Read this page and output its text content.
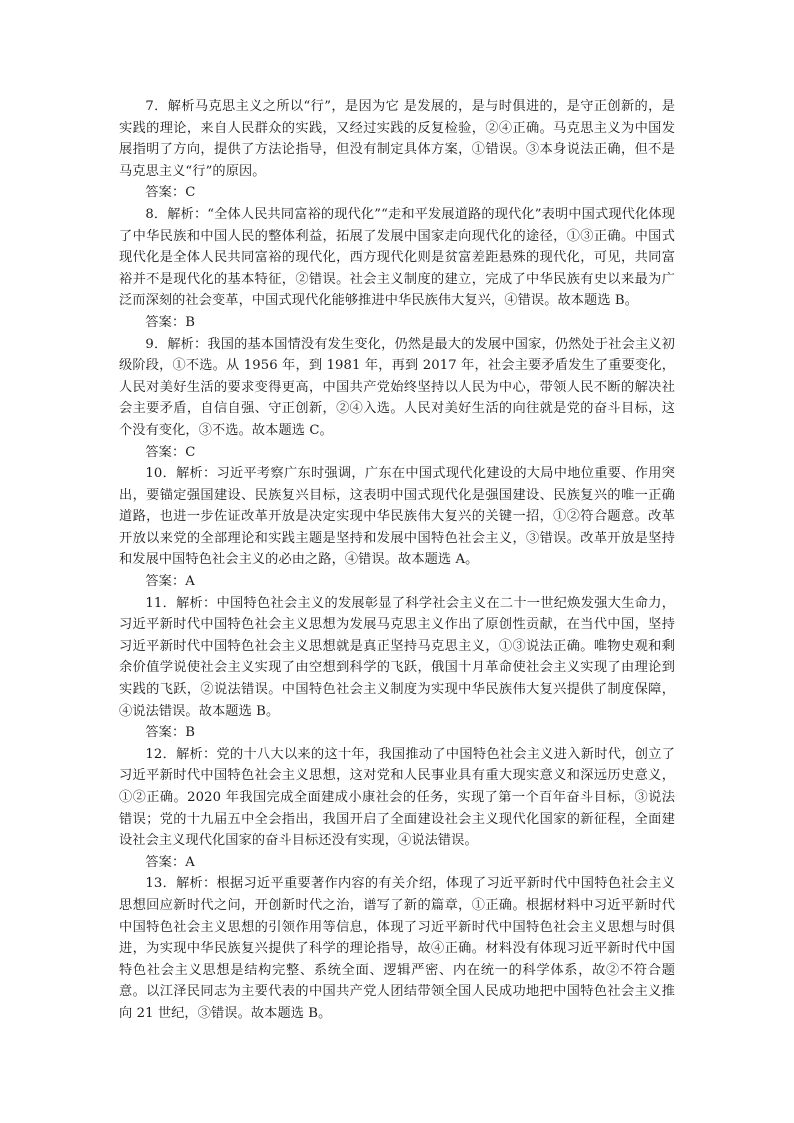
7．解析马克思主义之所以“行”，是因为它 是发展的，是与时俱进的，是守正创新的，是实践的理论，来自人民群众的实践，又经过实践的反复检验，②④正确。马克思主义为中国发展指明了方向，提供了方法论指导，但没有制定具体方案，①错误。③本身说法正确，但不是马克思主义“行”的原因。

答案：C

8．解析：“全体人民共同富裕的现代化”“走和平发展道路的现代化”表明中国式现代化体现了中华民族和中国人民的整体利益，拓展了发展中国家走向现代化的途径，①③正确。中国式现代化是全体人民共同富裕的现代化，西方现代化则是贫富差距悬殊的现代化，可见，共同富裕并不是现代化的基本特征，②错误。社会主义制度的建立，完成了中华民族有史以来最为广泛而深刻的社会变革，中国式现代化能够推进中华民族伟大复兴，④错误。故本题选 B。

答案：B

9．解析：我国的基本国情没有发生变化，仍然是最大的发展中国家，仍然处于社会主义初级阶段，①不选。从 1956 年，到 1981 年，再到 2017 年，社会主要矛盾发生了重要变化，人民对美好生活的要求变得更高，中国共产党始终坚持以人民为中心，带领人民不断的解决社会主要矛盾，自信自强、守正创新，②④入选。人民对美好生活的向往就是党的奋斗目标，这个没有变化，③不选。故本题选 C。

答案：C

10．解析：习近平考察广东时强调，广东在中国式现代化建设的大局中地位重要、作用突出，要锚定强国建设、民族复兴目标，这表明中国式现代化是强国建设、民族复兴的唯一正确道路，也进一步佐证改革开放是决定实现中华民族伟大复兴的关键一招，①②符合题意。改革开放以来党的全部理论和实践主题是坚持和发展中国特色社会主义，③错误。改革开放是坚持和发展中国特色社会主义的必由之路，④错误。故本题选 A。

答案：A

11．解析：中国特色社会主义的发展彰显了科学社会主义在二十一世纪焕发强大生命力，习近平新时代中国特色社会主义思想为发展马克思主义作出了原创性贡献，在当代中国，坚持习近平新时代中国特色社会主义思想就是真正坚持马克思主义，①③说法正确。唯物史观和剩余价值学说使社会主义实现了由空想到科学的飞跃，俄国十月革命使社会主义实现了由理论到实践的飞跃，②说法错误。中国特色社会主义制度为实现中华民族伟大复兴提供了制度保障，④说法错误。故本题选 B。

答案：B

12．解析：党的十八大以来的这十年，我国推动了中国特色社会主义进入新时代，创立了习近平新时代中国特色社会主义思想，这对党和人民事业具有重大现实意义和深远历史意义，①②正确。2020 年我国完成全面建成小康社会的任务，实现了第一个百年奋斗目标，③说法错误；党的十九届五中全会指出，我国开启了全面建设社会主义现代化国家的新征程，全面建设社会主义现代化国家的奋斗目标还没有实现，④说法错误。

答案：A

13．解析：根据习近平重要著作内容的有关介绍，体现了习近平新时代中国特色社会主义思想回应新时代之问，开创新时代之治，谱写了新的篇章，①正确。根据材料中习近平新时代中国特色社会主义思想的引领作用等信息，体现了习近平新时代中国特色社会主义思想与时俱进，为实现中华民族复兴提供了科学的理论指导，故④正确。材料没有体现习近平新时代中国特色社会主义思想是结构完整、系统全面、逻辑严密、内在统一的科学体系，故②不符合题意。以江泽民同志为主要代表的中国共产党人团结带领全国人民成功地把中国特色社会主义推向 21 世纪，③错误。故本题选 B。
